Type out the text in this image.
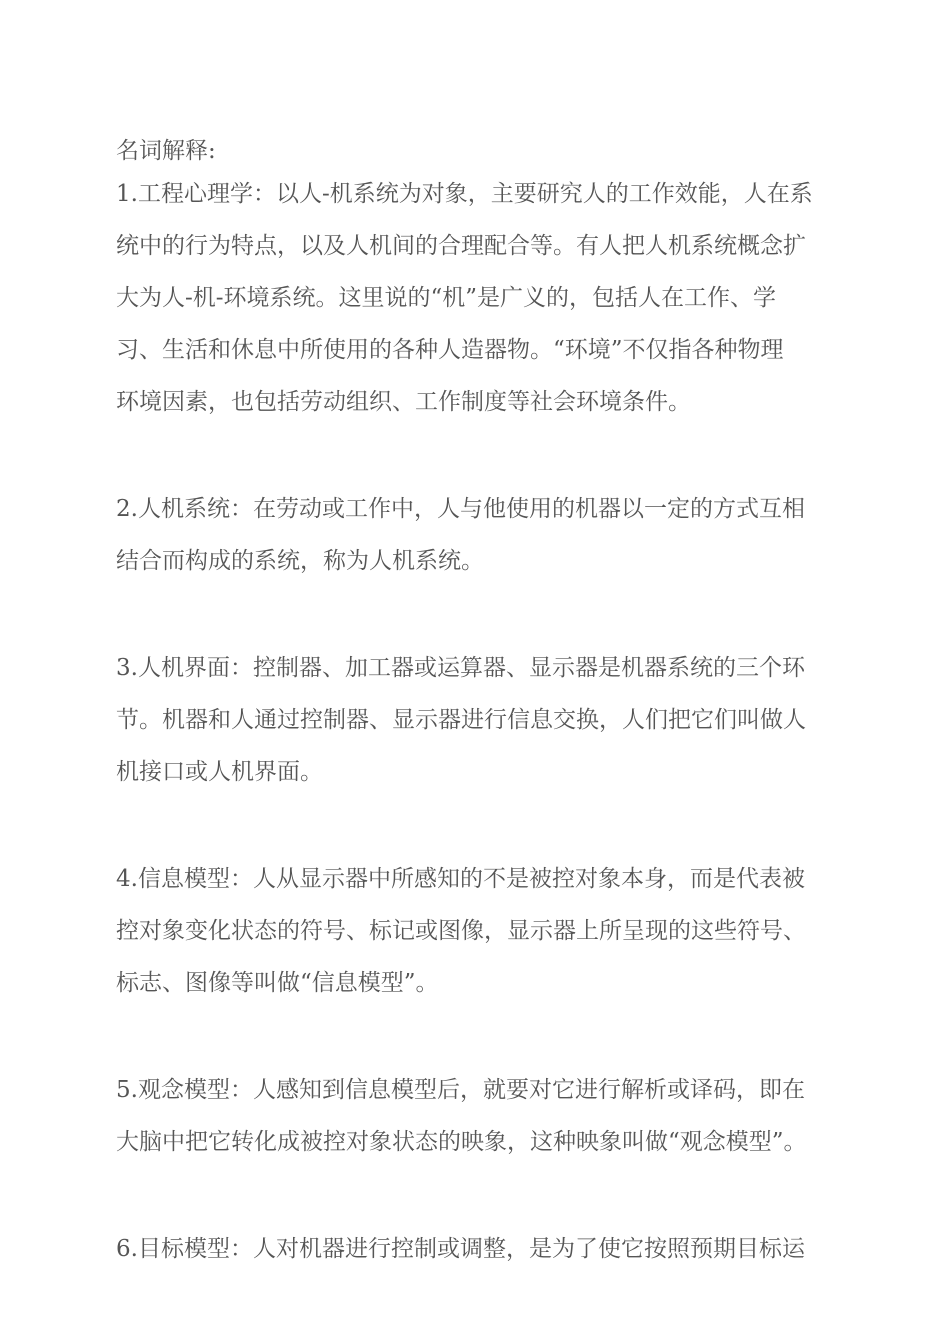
名词解释:

1.工程心理学：以人-机系统为对象，主要研究人的工作效能，人在系
统中的行为特点，以及人机间的合理配合等。有人把人机系统概念扩
大为人-机-环境系统。这里说的“机”是广义的，包括人在工作、学
习、生活和休息中所使用的各种人造器物。“环境”不仅指各种物理
环境因素，也包括劳动组织、工作制度等社会环境条件。

2.人机系统：在劳动或工作中，人与他使用的机器以一定的方式互相
结合而构成的系统，称为人机系统。

3.人机界面：控制器、加工器或运算器、显示器是机器系统的三个环
节。机器和人通过控制器、显示器进行信息交换，人们把它们叫做人
机接口或人机界面。

4.信息模型：人从显示器中所感知的不是被控对象本身，而是代表被
控对象变化状态的符号、标记或图像，显示器上所呈现的这些符号、
标志、图像等叫做“信息模型”。

5.观念模型：人感知到信息模型后，就要对它进行解析或译码，即在
大脑中把它转化成被控对象状态的映象，这种映象叫做“观念模型”。

6.目标模型：人对机器进行控制或调整，是为了使它按照预期目标运
